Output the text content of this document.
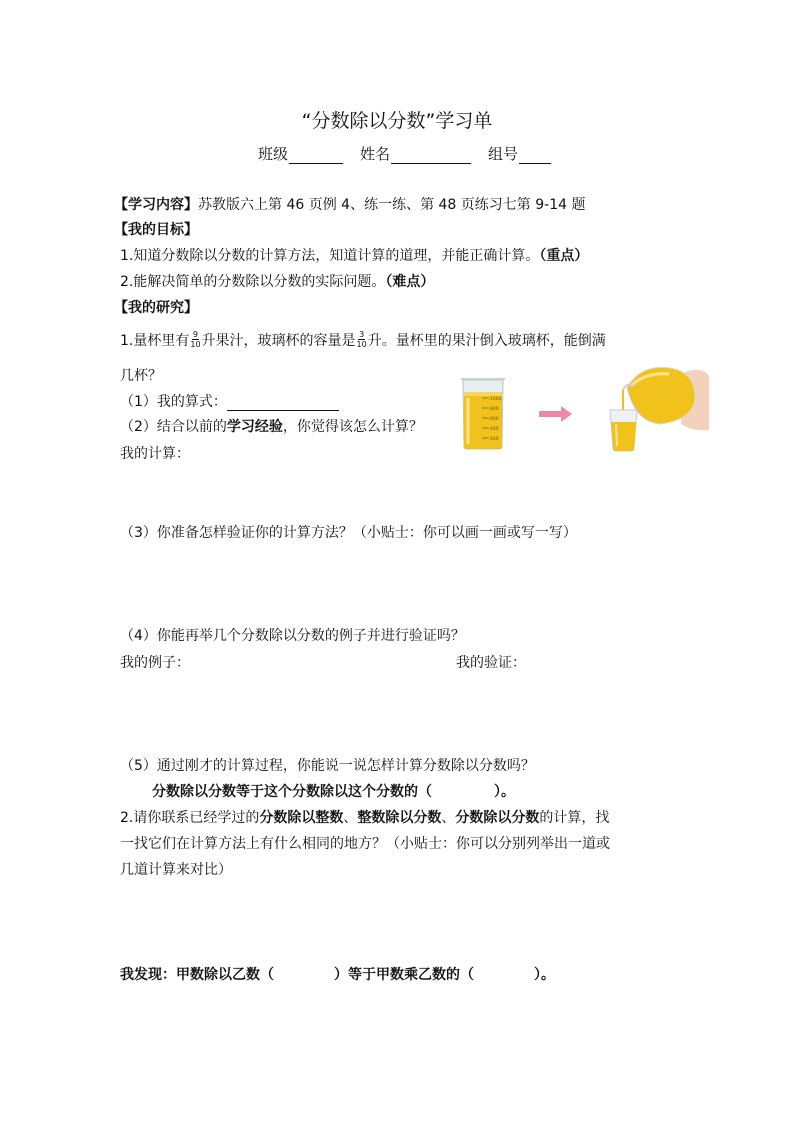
“分数除以分数”学习单
班级	姓名	组号
【学习内容】苏教版六上第 46 页例 4、练一练、第 48 页练习七第 9-14 题
【我的目标】
1.知道分数除以分数的计算方法，知道计算的道理，并能正确计算。（重点）
2.能解决简单的分数除以分数的实际问题。（难点）
【我的研究】
1.量杯里有 $\frac{9}{10}$ 升果汁，玻璃杯的容量是 $\frac{3}{10}$ 升。量杯里的果汁倒入玻璃杯，能倒满
几杯？
（1）我的算式：
（2）结合以前的学习经验，你觉得该怎么计算？
我的计算：
（3）你准备怎样验证你的计算方法？（小贴士：你可以画一画或写一写）
（4）你能再举几个分数除以分数的例子并进行验证吗？
我的例子：	我的验证：
（5）通过刚才的计算过程，你能说一说怎样计算分数除以分数吗？
分数除以分数等于这个分数除以这个分数的（	）。
2.请你联系已经学过的分数除以整数、整数除以分数、分数除以分数的计算，找
一找它们在计算方法上有什么相同的地方？（小贴士：你可以分别列举出一道或
几道计算来对比）
我发现：甲数除以乙数（	）等于甲数乘乙数的（	）。
1000
800
600
400
200
